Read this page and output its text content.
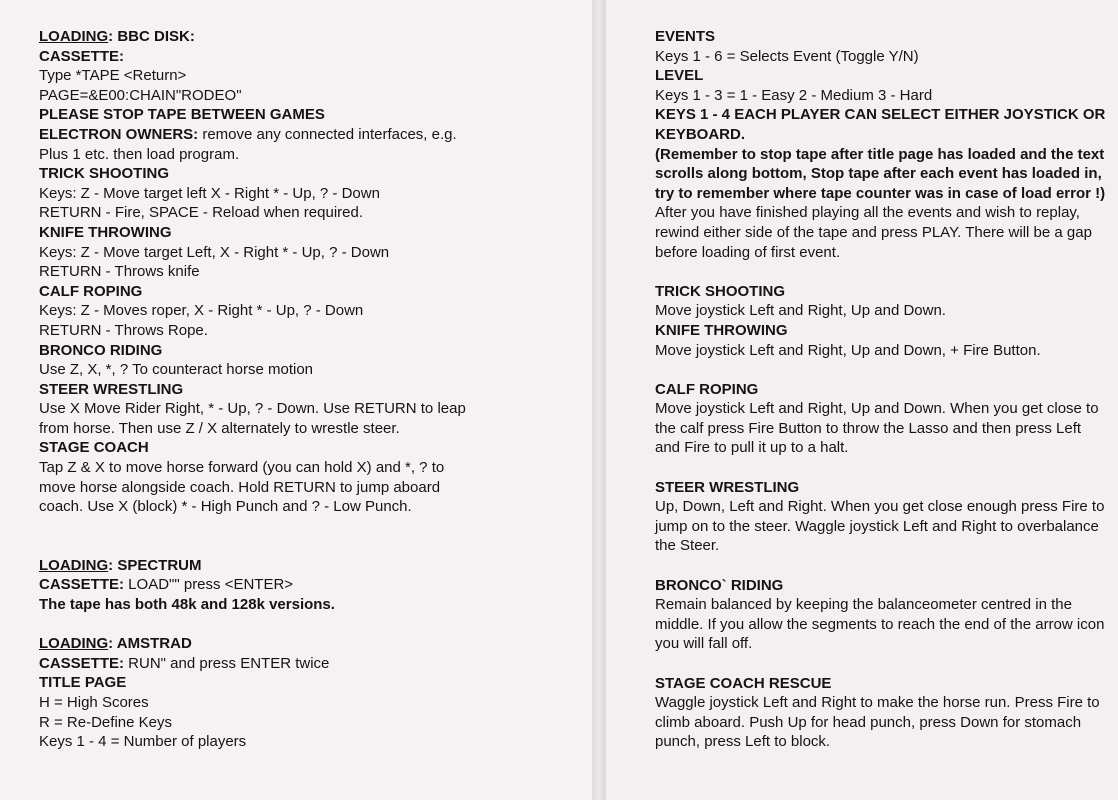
LOADING: BBC DISK:
CASSETTE:
Type *TAPE <Return>
PAGE=&E00:CHAIN"RODEO"
PLEASE STOP TAPE BETWEEN GAMES
ELECTRON OWNERS: remove any connected interfaces, e.g. Plus 1 etc. then load program.
TRICK SHOOTING
Keys: Z - Move target left X - Right * - Up, ? - Down
RETURN - Fire, SPACE - Reload when required.
KNIFE THROWING
Keys: Z - Move target Left, X - Right * - Up, ? - Down
RETURN - Throws knife
CALF ROPING
Keys: Z - Moves roper, X - Right * - Up, ? - Down
RETURN - Throws Rope.
BRONCO RIDING
Use Z, X, *, ? To counteract horse motion
STEER WRESTLING
Use X Move Rider Right, * - Up, ? - Down. Use RETURN to leap from horse. Then use Z / X alternately to wrestle steer.
STAGE COACH
Tap Z & X to move horse forward (you can hold X) and *, ? to move horse alongside coach. Hold RETURN to jump aboard coach. Use X (block) * - High Punch and ? - Low Punch.
LOADING: SPECTRUM
CASSETTE: LOAD"" press <ENTER>
The tape has both 48k and 128k versions.
LOADING: AMSTRAD
CASSETTE: RUN" and press ENTER twice
TITLE PAGE
H = High Scores
R = Re-Define Keys
Keys 1 - 4 = Number of players
EVENTS
Keys 1 - 6 = Selects Event (Toggle Y/N)
LEVEL
Keys 1 - 3 = 1 - Easy 2 - Medium 3 - Hard
KEYS 1 - 4 EACH PLAYER CAN SELECT EITHER JOYSTICK OR KEYBOARD.
(Remember to stop tape after title page has loaded and the text scrolls along bottom, Stop tape after each event has loaded in, try to remember where tape counter was in case of load error !)
After you have finished playing all the events and wish to replay, rewind either side of the tape and press PLAY. There will be a gap before loading of first event.
TRICK SHOOTING
Move joystick Left and Right, Up and Down.
KNIFE THROWING
Move joystick Left and Right, Up and Down, + Fire Button.
CALF ROPING
Move joystick Left and Right, Up and Down. When you get close to the calf press Fire Button to throw the Lasso and then press Left and Fire to pull it up to a halt.
STEER WRESTLING
Up, Down, Left and Right. When you get close enough press Fire to jump on to the steer. Waggle joystick Left and Right to overbalance the Steer.
BRONCO` RIDING
Remain balanced by keeping the balanceometer centred in the middle. If you allow the segments to reach the end of the arrow icon you will fall off.
STAGE COACH RESCUE
Waggle joystick Left and Right to make the horse run. Press Fire to climb aboard. Push Up for head punch, press Down for stomach punch, press Left to block.
